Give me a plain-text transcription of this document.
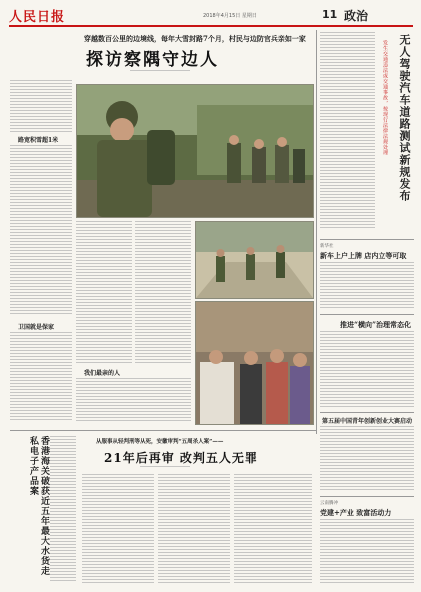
人民日报	2018年4月15日 星期日	11 政治
穿越数百公里的边境线，每年大雪封路7个月，村民与边防官兵亲如一家
探访察隅守边人
路宽积雪超1米
卫国就是保家
我们最亲的人
无人驾驶汽车道路测试新规发布
发生交通违法或交通事故，按现行法律法规处理
新华社
新车上户上牌 店内立等可取
推进“横向”治理常态化
第五届中国青年创新创业大赛启动
云南腾冲
党建+产业 致富活动力
香港海关破获近五年最大水货走私电子产品案	从服事从轻判刑等从死，安徽审判“五周杀人案”——
21年后再审 改判五人无罪
